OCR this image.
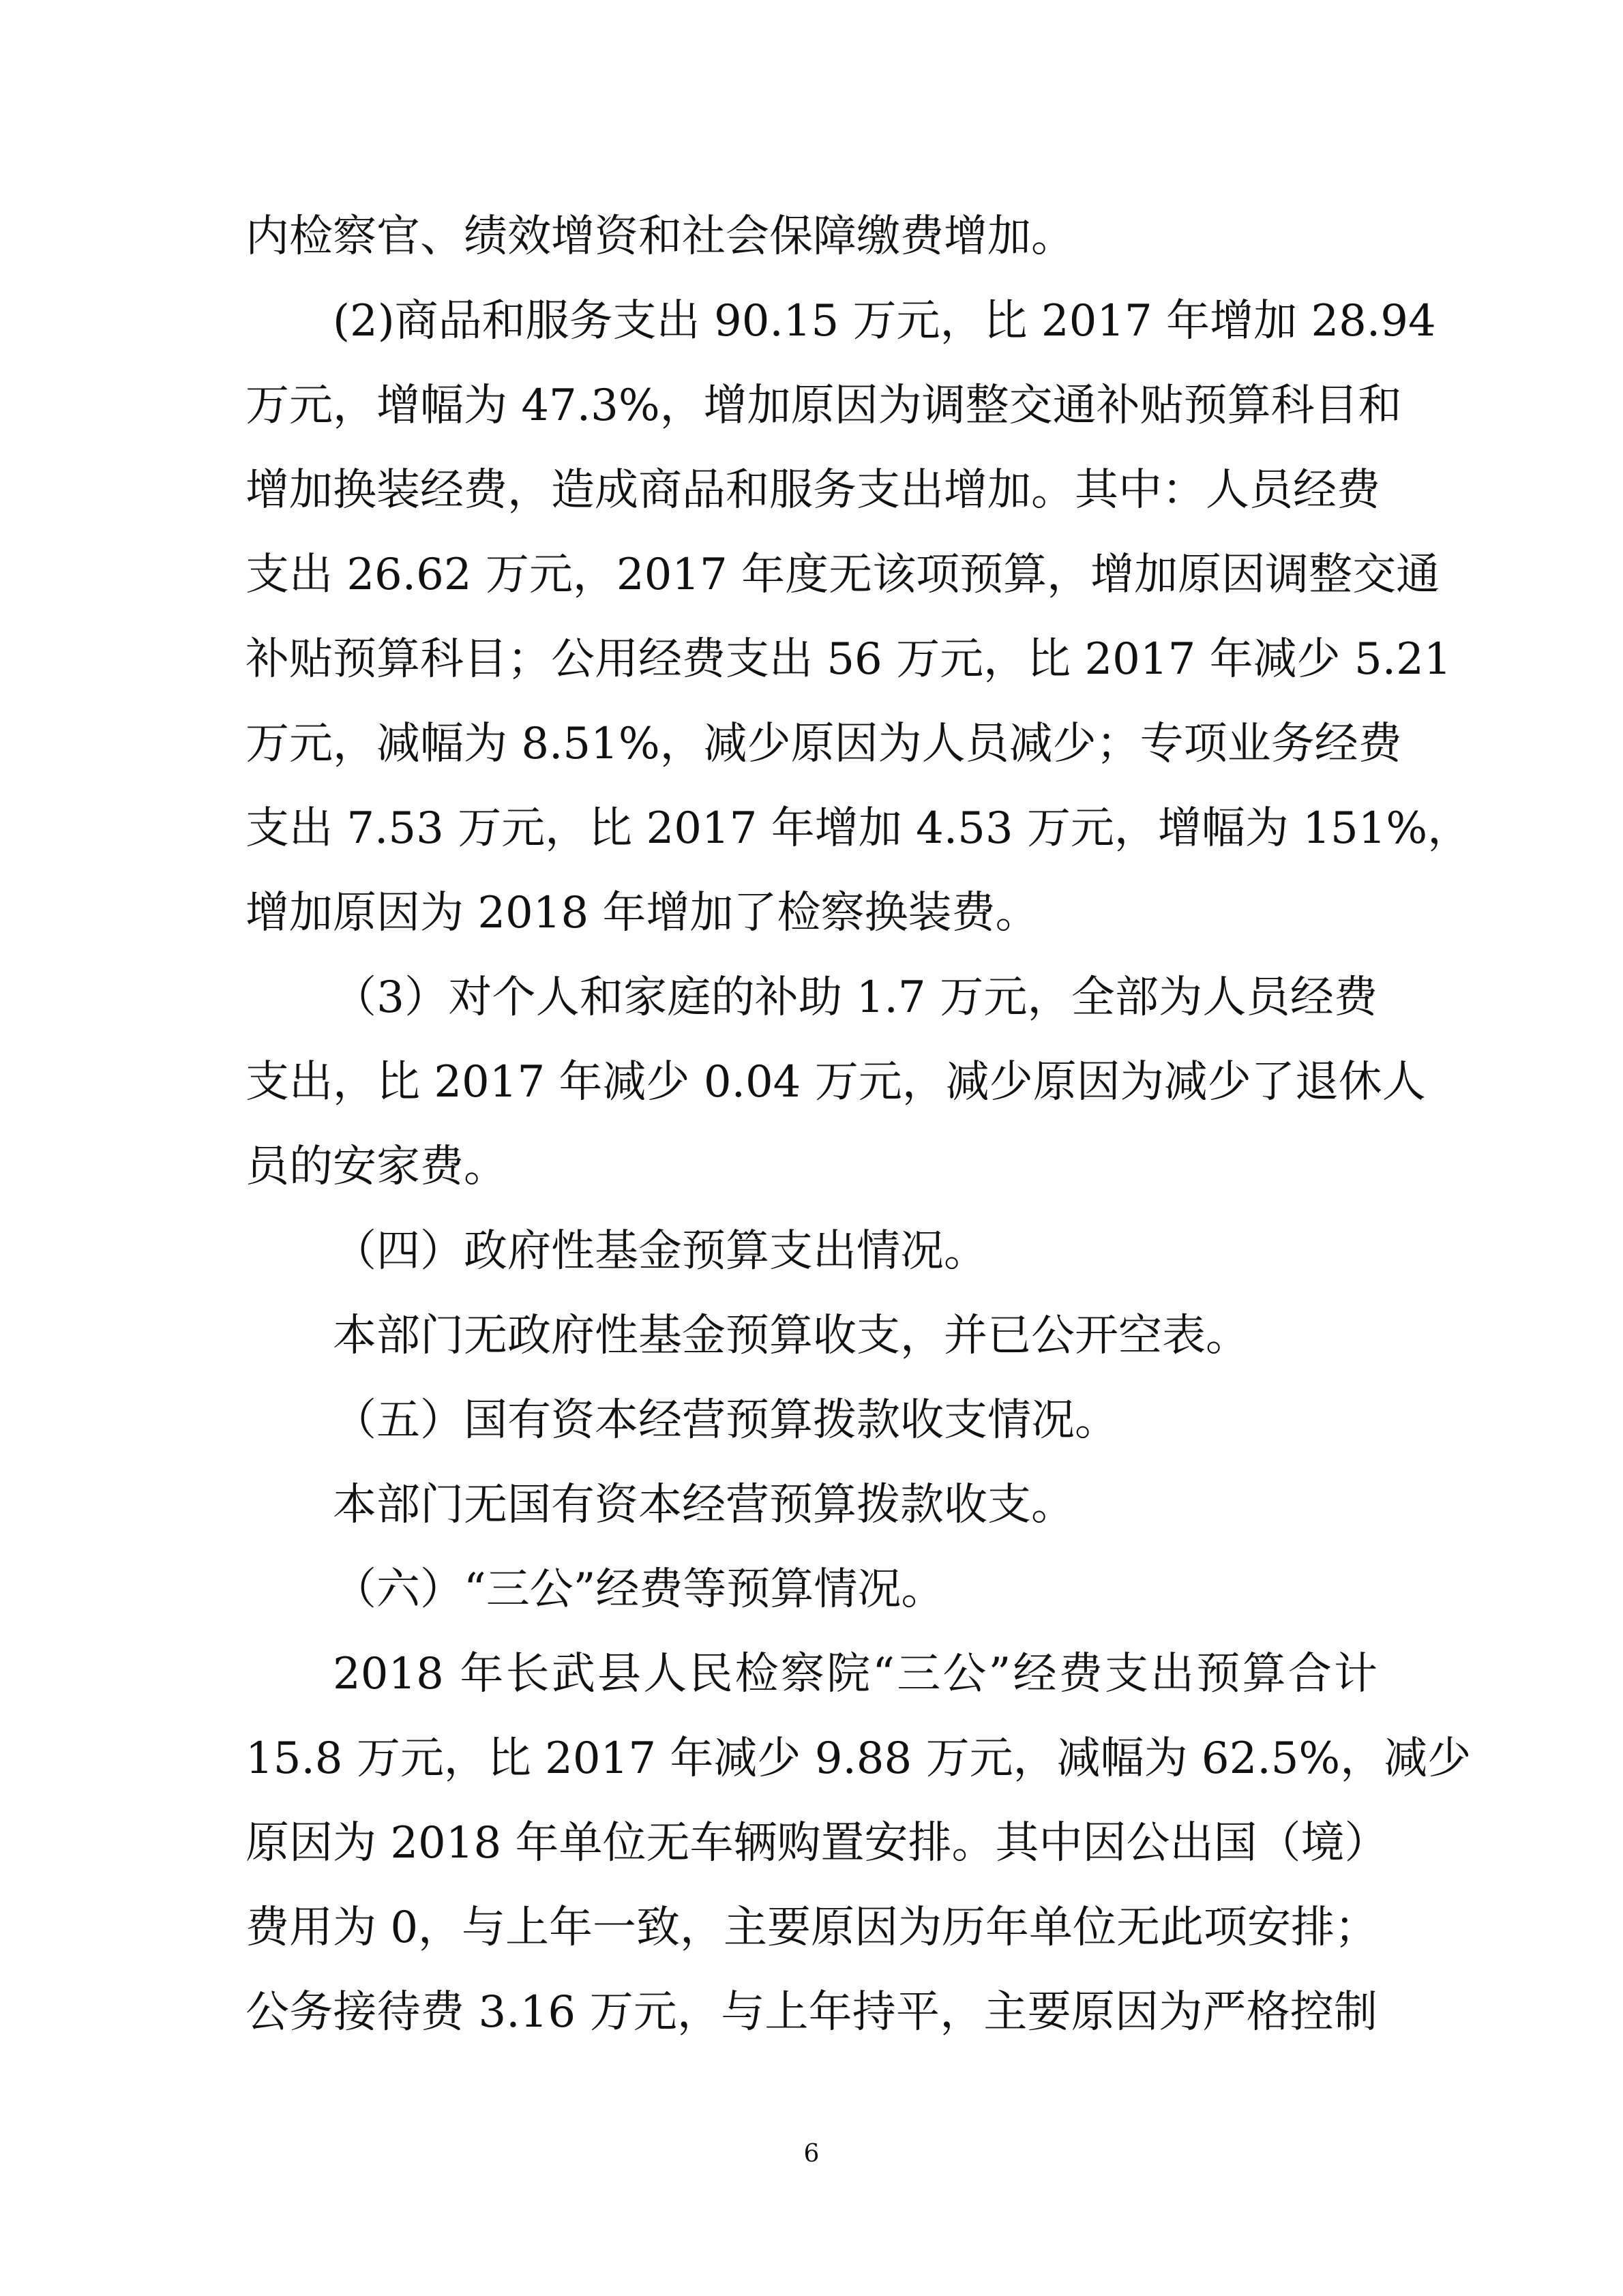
内检察官、绩效增资和社会保障缴费增加。
(2)商品和服务支出 90.15 万元，比 2017 年增加 28.94
万元，增幅为 47.3%，增加原因为调整交通补贴预算科目和
增加换装经费，造成商品和服务支出增加。其中：人员经费
支出 26.62 万元，2017 年度无该项预算，增加原因调整交通
补贴预算科目；公用经费支出 56 万元，比 2017 年减少 5.21
万元，减幅为 8.51%，减少原因为人员减少；专项业务经费
支出 7.53 万元，比 2017 年增加 4.53 万元，增幅为 151%，
增加原因为 2018 年增加了检察换装费。
（3）对个人和家庭的补助 1.7 万元，全部为人员经费
支出，比 2017 年减少 0.04 万元，减少原因为减少了退休人
员的安家费。
（四）政府性基金预算支出情况。
本部门无政府性基金预算收支，并已公开空表。
（五）国有资本经营预算拨款收支情况。
本部门无国有资本经营预算拨款收支。
（六）“三公”经费等预算情况。
2018 年长武县人民检察院“三公”经费支出预算合计
15.8 万元，比 2017 年减少 9.88 万元，减幅为 62.5%，减少
原因为 2018 年单位无车辆购置安排。其中因公出国（境）
费用为 0，与上年一致，主要原因为历年单位无此项安排；
公务接待费 3.16 万元，与上年持平，主要原因为严格控制
6
